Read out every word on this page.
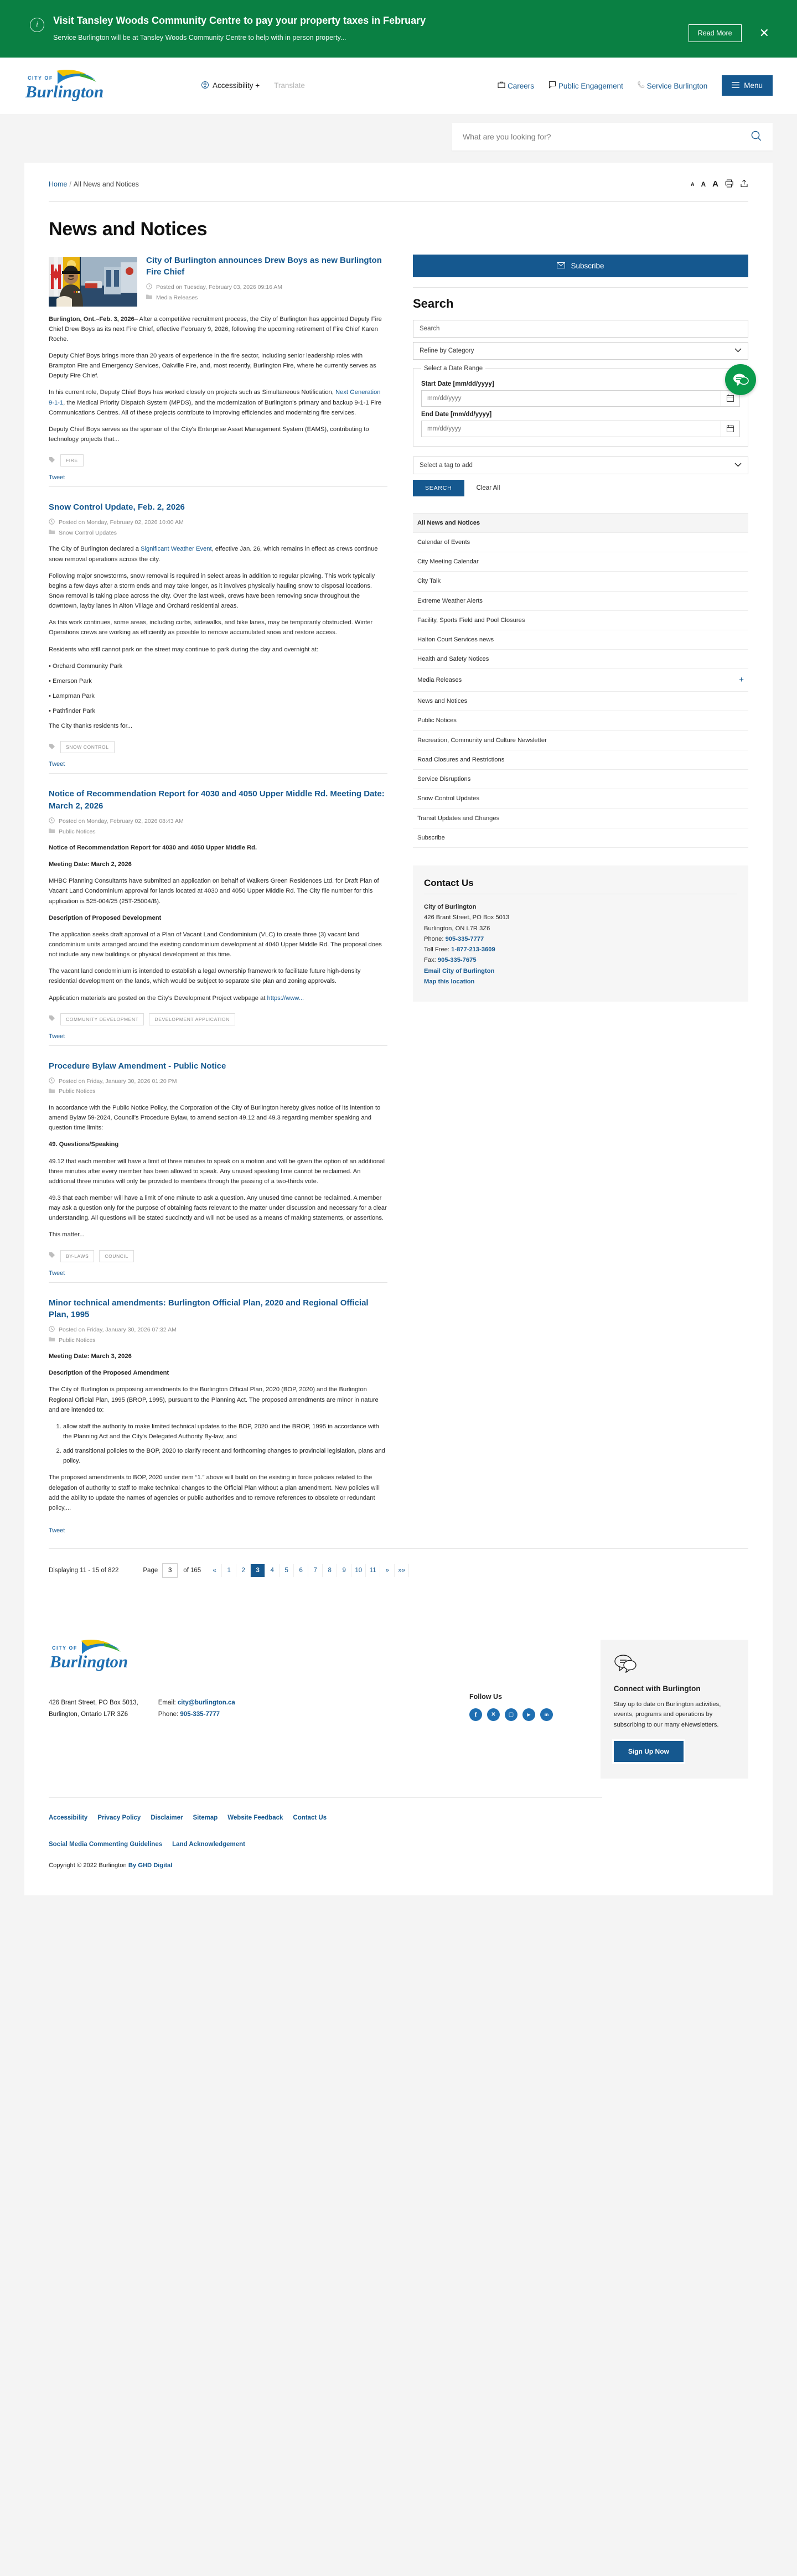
i	Visit Tansley Woods Community Centre to pay your property taxes in February
Service Burlington will be at Tansley Woods Community Centre to help with in person property...
Read More	✕
CITY OF
Burlington	Accessibility + Translate	Careers	Public Engagement	Service Burlington	Menu
What are you looking for?
Home / All News and Notices	A A A
News and Notices
City of Burlington announces Drew Boys as new Burlington Fire Chief
Posted on Tuesday, February 03, 2026 09:16 AM
Media Releases

Burlington, Ont.–Feb. 3, 2026– After a competitive recruitment process, the City of Burlington has appointed Deputy Fire Chief Drew Boys as its next Fire Chief, effective February 9, 2026, following the upcoming retirement of Fire Chief Karen Roche.

Deputy Chief Boys brings more than 20 years of experience in the fire sector, including senior leadership roles with Brampton Fire and Emergency Services, Oakville Fire, and, most recently, Burlington Fire, where he currently serves as Deputy Fire Chief.

In his current role, Deputy Chief Boys has worked closely on projects such as Simultaneous Notification, Next Generation 9-1-1, the Medical Priority Dispatch System (MPDS), and the modernization of Burlington's primary and backup 9-1-1 Fire Communications Centres. All of these projects contribute to improving efficiencies and modernizing fire services.

Deputy Chief Boys serves as the sponsor of the City's Enterprise Asset Management System (EAMS), contributing to technology projects that...

FIRE
Tweet
Snow Control Update, Feb. 2, 2026
Posted on Monday, February 02, 2026 10:00 AM
Snow Control Updates

The City of Burlington declared a Significant Weather Event, effective Jan. 26, which remains in effect as crews continue snow removal operations across the city.

Following major snowstorms, snow removal is required in select areas in addition to regular plowing. This work typically begins a few days after a storm ends and may take longer, as it involves physically hauling snow to disposal locations. Snow removal is taking place across the city. Over the last week, crews have been removing snow throughout the downtown, layby lanes in Alton Village and Orchard residential areas.

As this work continues, some areas, including curbs, sidewalks, and bike lanes, may be temporarily obstructed. Winter Operations crews are working as efficiently as possible to remove accumulated snow and restore access.

Residents who still cannot park on the street may continue to park during the day and overnight at:

• Orchard Community Park

• Emerson Park

• Lampman Park

• Pathfinder Park

The City thanks residents for...

SNOW CONTROL
Tweet
Notice of Recommendation Report for 4030 and 4050 Upper Middle Rd. Meeting Date: March 2, 2026
Posted on Monday, February 02, 2026 08:43 AM
Public Notices

Notice of Recommendation Report for 4030 and 4050 Upper Middle Rd.

Meeting Date: March 2, 2026

MHBC Planning Consultants have submitted an application on behalf of Walkers Green Residences Ltd. for Draft Plan of Vacant Land Condominium approval for lands located at 4030 and 4050 Upper Middle Rd. The City file number for this application is 525-004/25 (25T-25004/B).

Description of Proposed Development

The application seeks draft approval of a Plan of Vacant Land Condominium (VLC) to create three (3) vacant land condominium units arranged around the existing condominium development at 4040 Upper Middle Rd. The proposal does not include any new buildings or physical development at this time.

The vacant land condominium is intended to establish a legal ownership framework to facilitate future high-density residential development on the lands, which would be subject to separate site plan and zoning approvals.

Application materials are posted on the City's Development Project webpage at https://www...

COMMUNITY DEVELOPMENT	DEVELOPMENT APPLICATION
Tweet
Procedure Bylaw Amendment - Public Notice
Posted on Friday, January 30, 2026 01:20 PM
Public Notices

In accordance with the Public Notice Policy, the Corporation of the City of Burlington hereby gives notice of its intention to amend Bylaw 59-2024, Council's Procedure Bylaw, to amend section 49.12 and 49.3 regarding member speaking and question time limits:

49. Questions/Speaking

49.12 that each member will have a limit of three minutes to speak on a motion and will be given the option of an additional three minutes after every member has been allowed to speak. Any unused speaking time cannot be reclaimed. An additional three minutes will only be provided to members through the passing of a two-thirds vote.

49.3 that each member will have a limit of one minute to ask a question. Any unused time cannot be reclaimed. A member may ask a question only for the purpose of obtaining facts relevant to the matter under discussion and necessary for a clear understanding. All questions will be stated succinctly and will not be used as a means of making statements, or assertions.

This matter...

BY-LAWS	COUNCIL
Tweet
Minor technical amendments: Burlington Official Plan, 2020 and Regional Official Plan, 1995
Posted on Friday, January 30, 2026 07:32 AM
Public Notices

Meeting Date: March 3, 2026

Description of the Proposed Amendment

The City of Burlington is proposing amendments to the Burlington Official Plan, 2020 (BOP, 2020) and the Burlington Regional Official Plan, 1995 (BROP, 1995), pursuant to the Planning Act. The proposed amendments are minor in nature and are intended to:

1. allow staff the authority to make limited technical updates to the BOP, 2020 and the BROP, 1995 in accordance with the Planning Act and the City's Delegated Authority By-law; and
2. add transitional policies to the BOP, 2020 to clarify recent and forthcoming changes to provincial legislation, plans and policy.

The proposed amendments to BOP, 2020 under item “1.” above will build on the existing in force policies related to the delegation of authority to staff to make technical changes to the Official Plan without a plan amendment. New policies will add the ability to update the names of agencies or public authorities and to remove references to obsolete or redundant policy,...

Tweet
Subscribe
Search
Search
Refine by Category
Select a Date Range
Start Date [mm/dd/yyyy]
mm/dd/yyyy
End Date [mm/dd/yyyy]
mm/dd/yyyy
Select a tag to add
SEARCH	Clear All
All News and Notices
Calendar of Events
City Meeting Calendar
City Talk
Extreme Weather Alerts
Facility, Sports Field and Pool Closures
Halton Court Services news
Health and Safety Notices
Media Releases	+
News and Notices
Public Notices
Recreation, Community and Culture Newsletter
Road Closures and Restrictions
Service Disruptions
Snow Control Updates
Transit Updates and Changes
Subscribe
Contact Us

City of Burlington

426 Brant Street, PO Box 5013

Burlington, ON L7R 3Z6

Phone: 905-335-7777

Toll Free: 1-877-213-3609

Fax: 905-335-7675

Email City of Burlington

Map this location

Displaying 11 - 15 of 822	Page
3	of 165	«	1	2	3	4	5	6	7	8	9	10	11	»	»»
CITY OF
Burlington

426 Brant Street, PO Box 5013,

Burlington, Ontario L7R 3Z6

Email: city@burlington.ca

Phone: 905-335-7777

Follow Us
f	✕ ▢	▶	in
Connect with Burlington

Stay up to date on Burlington activities, events, programs and operations by subscribing to our many eNewsletters.

Sign Up Now
Accessibility Privacy Policy Disclaimer Sitemap Website Feedback Contact Us
Social Media Commenting Guidelines Land Acknowledgement
Copyright © 2022 Burlington By GHD Digital
